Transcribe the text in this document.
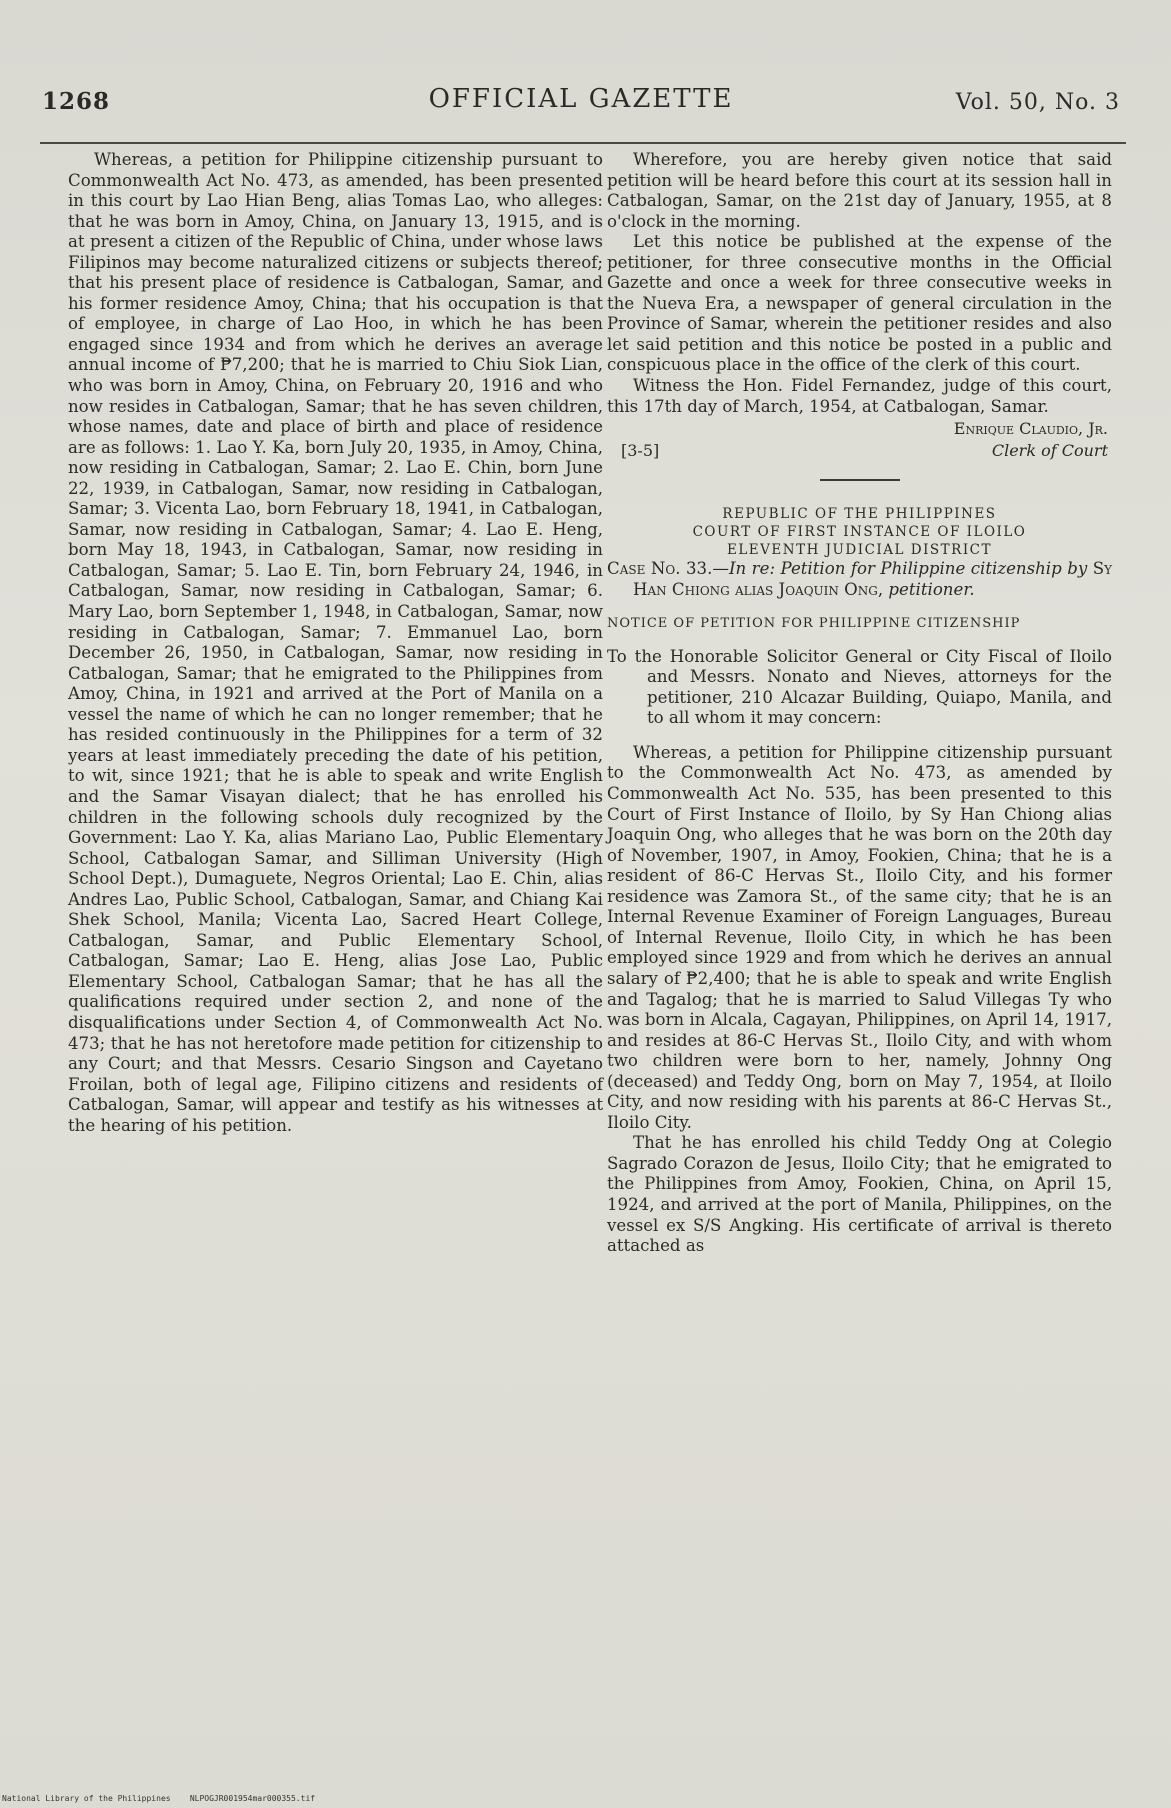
1268	OFFICIAL GAZETTE	Vol. 50, No. 3

Whereas, a petition for Philippine citizenship pursuant to Commonwealth Act No. 473, as amended, has been presented in this court by Lao Hian Beng, alias Tomas Lao, who alleges: that he was born in Amoy, China, on January 13, 1915, and is at present a citizen of the Republic of China, under whose laws Filipinos may become naturalized citizens or subjects thereof; that his present place of residence is Catbalogan, Samar, and his former residence Amoy, China; that his occupation is that of employee, in charge of Lao Hoo, in which he has been engaged since 1934 and from which he derives an average annual income of ₱7,200; that he is married to Chiu Siok Lian, who was born in Amoy, China, on February 20, 1916 and who now resides in Catbalogan, Samar; that he has seven children, whose names, date and place of birth and place of residence are as follows: 1. Lao Y. Ka, born July 20, 1935, in Amoy, China, now residing in Catbalogan, Samar; 2. Lao E. Chin, born June 22, 1939, in Catbalogan, Samar, now residing in Catbalogan, Samar; 3. Vicenta Lao, born February 18, 1941, in Catbalogan, Samar, now residing in Catbalogan, Samar; 4. Lao E. Heng, born May 18, 1943, in Catbalogan, Samar, now residing in Catbalogan, Samar; 5. Lao E. Tin, born February 24, 1946, in Catbalogan, Samar, now residing in Catbalogan, Samar; 6. Mary Lao, born September 1, 1948, in Catbalogan, Samar, now residing in Catbalogan, Samar; 7. Emmanuel Lao, born December 26, 1950, in Catbalogan, Samar, now residing in Catbalogan, Samar; that he emigrated to the Philippines from Amoy, China, in 1921 and arrived at the Port of Manila on a vessel the name of which he can no longer remember; that he has resided continuously in the Philippines for a term of 32 years at least immediately preceding the date of his petition, to wit, since 1921; that he is able to speak and write English and the Samar Visayan dialect; that he has enrolled his children in the following schools duly recognized by the Government: Lao Y. Ka, alias Mariano Lao, Public Elementary School, Catbalogan Samar, and Silliman University (High School Dept.), Dumaguete, Negros Oriental; Lao E. Chin, alias Andres Lao, Public School, Catbalogan, Samar, and Chiang Kai Shek School, Manila; Vicenta Lao, Sacred Heart College, Catbalogan, Samar, and Public Elementary School, Catbalogan, Samar; Lao E. Heng, alias Jose Lao, Public Elementary School, Catbalogan Samar; that he has all the qualifications required under section 2, and none of the disqualifications under Section 4, of Commonwealth Act No. 473; that he has not heretofore made petition for citizenship to any Court; and that Messrs. Cesario Singson and Cayetano Froilan, both of legal age, Filipino citizens and residents of Catbalogan, Samar, will appear and testify as his witnesses at the hearing of his petition.

Wherefore, you are hereby given notice that said petition will be heard before this court at its session hall in Catbalogan, Samar, on the 21st day of January, 1955, at 8 o'clock in the morning.

Let this notice be published at the expense of the petitioner, for three consecutive months in the Official Gazette and once a week for three consecutive weeks in the Nueva Era, a newspaper of general circulation in the Province of Samar, wherein the petitioner resides and also let said petition and this notice be posted in a public and conspicuous place in the office of the clerk of this court.

Witness the Hon. Fidel Fernandez, judge of this court, this 17th day of March, 1954, at Catbalogan, Samar.

Enrique Claudio, Jr.
[3-5]	Clerk of Court
REPUBLIC OF THE PHILIPPINES
COURT OF FIRST INSTANCE OF ILOILO
ELEVENTH JUDICIAL DISTRICT

Case No. 33.—In re: Petition for Philippine citizenship by Sy Han Chiong alias Joaquin Ong, petitioner.

NOTICE OF PETITION FOR PHILIPPINE CITIZENSHIP

To the Honorable Solicitor General or City Fiscal of Iloilo and Messrs. Nonato and Nieves, attorneys for the petitioner, 210 Alcazar Building, Quiapo, Manila, and to all whom it may concern:

Whereas, a petition for Philippine citizenship pursuant to the Commonwealth Act No. 473, as amended by Commonwealth Act No. 535, has been presented to this Court of First Instance of Iloilo, by Sy Han Chiong alias Joaquin Ong, who alleges that he was born on the 20th day of November, 1907, in Amoy, Fookien, China; that he is a resident of 86-C Hervas St., Iloilo City, and his former residence was Zamora St., of the same city; that he is an Internal Revenue Examiner of Foreign Languages, Bureau of Internal Revenue, Iloilo City, in which he has been employed since 1929 and from which he derives an annual salary of ₱2,400; that he is able to speak and write English and Tagalog; that he is married to Salud Villegas Ty who was born in Alcala, Cagayan, Philippines, on April 14, 1917, and resides at 86-C Hervas St., Iloilo City, and with whom two children were born to her, namely, Johnny Ong (deceased) and Teddy Ong, born on May 7, 1954, at Iloilo City, and now residing with his parents at 86-C Hervas St., Iloilo City.

That he has enrolled his child Teddy Ong at Colegio Sagrado Corazon de Jesus, Iloilo City; that he emigrated to the Philippines from Amoy, Fookien, China, on April 15, 1924, and arrived at the port of Manila, Philippines, on the vessel ex S/S Angking. His certificate of arrival is thereto attached as

National Library of the Philippines NLPOGJR001954mar000355.tif
